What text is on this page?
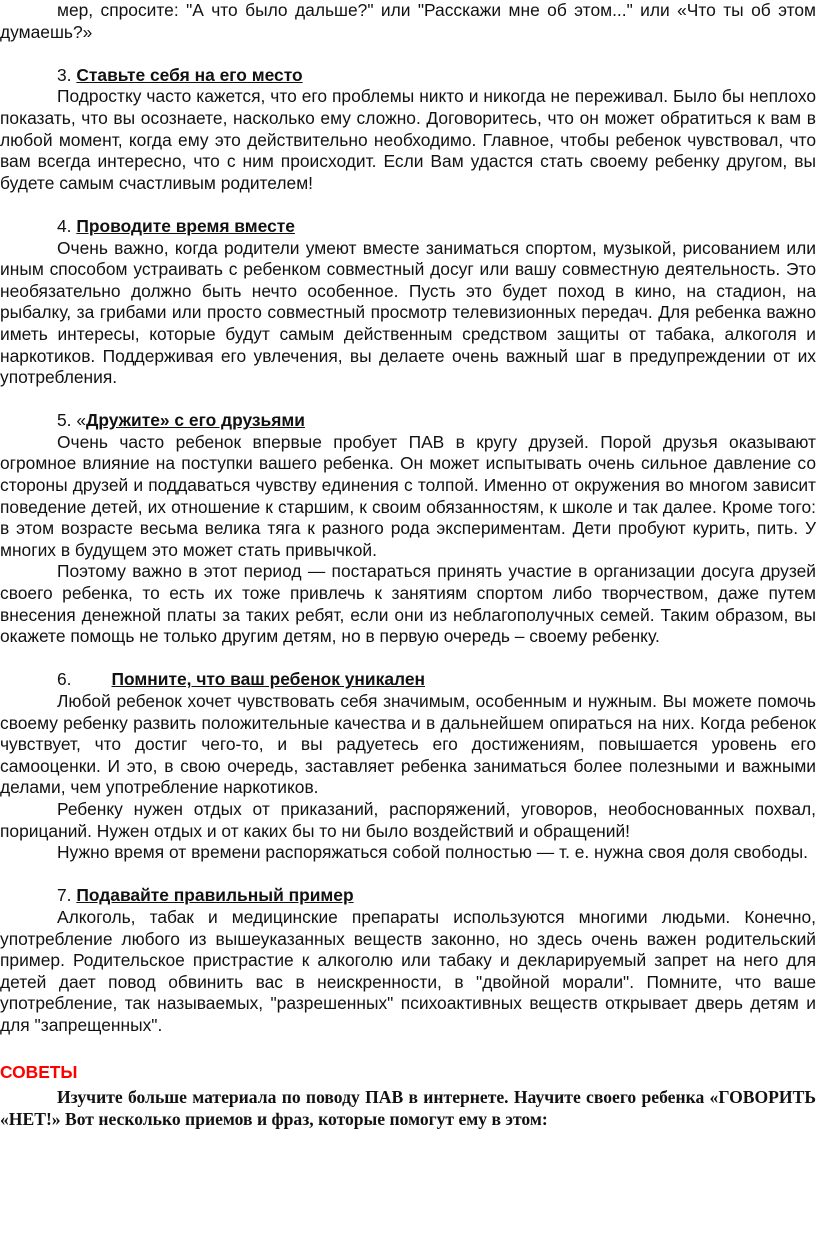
мер, спросите: "А что было дальше?" или "Расскажи мне об этом..." или «Что ты об этом думаешь?»

3. Ставьте себя на его место

Подростку часто кажется, что его проблемы никто и никогда не переживал. Было бы неплохо показать, что вы осознаете, насколько ему сложно. Договоритесь, что он может обратиться к вам в любой момент, когда ему это действительно необходимо. Главное, чтобы ребенок чувствовал, что вам всегда интересно, что с ним происходит. Если Вам удастся стать своему ребенку другом, вы будете самым счастливым родителем!

4. Проводите время вместе

Очень важно, когда родители умеют вместе заниматься спортом, музыкой, рисованием или иным способом устраивать с ребенком совместный досуг или вашу совместную деятельность. Это необязательно должно быть нечто особенное. Пусть это будет поход в кино, на стадион, на рыбалку, за грибами или просто совместный просмотр телевизионных передач. Для ребенка важно иметь интересы, которые будут самым действенным средством защиты от табака, алкоголя и наркотиков. Поддерживая его увлечения, вы делаете очень важный шаг в предупреждении от их употребления.

5. «Дружите» с его друзьями

Очень часто ребенок впервые пробует ПАВ в кругу друзей. Порой друзья оказывают огромное влияние на поступки вашего ребенка. Он может испытывать очень сильное давление со стороны друзей и поддаваться чувству единения с толпой. Именно от окружения во многом зависит поведение детей, их отношение к старшим, к своим обязанностям, к школе и так далее. Кроме того: в этом возрасте весьма велика тяга к разного рода экспериментам. Дети пробуют курить, пить. У многих в будущем это может стать привычкой.

Поэтому важно в этот период — постараться принять участие в организации досуга друзей своего ребенка, то есть их тоже привлечь к занятиям спортом либо творчеством, даже путем внесения денежной платы за таких ребят, если они из неблагополучных семей. Таким образом, вы окажете помощь не только другим детям, но в первую очередь – своему ребенку.

6. Помните, что ваш ребенок уникален

Любой ребенок хочет чувствовать себя значимым, особенным и нужным. Вы можете помочь своему ребенку развить положительные качества и в дальнейшем опираться на них. Когда ребенок чувствует, что достиг чего-то, и вы радуетесь его достижениям, повышается уровень его самооценки. И это, в свою очередь, заставляет ребенка заниматься более полезными и важными делами, чем употребление наркотиков.

Ребенку нужен отдых от приказаний, распоряжений, уговоров, необоснованных похвал, порицаний. Нужен отдых и от каких бы то ни было воздействий и обращений!

Нужно время от времени распоряжаться собой полностью — т. е. нужна своя доля свободы.

7. Подавайте правильный пример

Алкоголь, табак и медицинские препараты используются многими людьми. Конечно, употребление любого из вышеуказанных веществ законно, но здесь очень важен родительский пример. Родительское пристрастие к алкоголю или табаку и декларируемый запрет на него для детей дает повод обвинить вас в неискренности, в "двойной морали". Помните, что ваше употребление, так называемых, "разрешенных" психоактивных веществ открывает дверь детям и для "запрещенных".

СОВЕТЫ

Изучите больше материала по поводу ПАВ в интернете. Научите своего ребенка «ГОВОРИТЬ «НЕТ!» Вот несколько приемов и фраз, которые помогут ему в этом:
